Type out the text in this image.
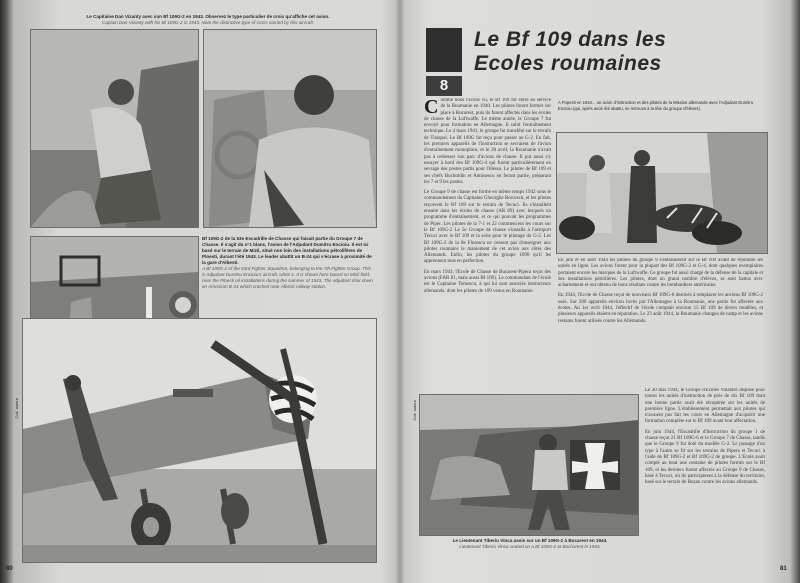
Le Capitaine Dan Vizanty avec son Bf 109G-2 en 1943. Observez le type particulier de croix qu'affiche cet avion.
Captain Dan Vizanty with his Bf 109G-2 in 1943. Note the distinctive type of cross carried by this aircraft.
Bf 109G-2 de la 53e Escadrille de Chasse qui faisait partie du Groupe 7 de Chasse. Il s'agit du n°1 blanc, l'avion de l'Adjudant Dumitru Encioiu. Il est ici basé sur le terrain de Mizil, situé non loin des installations pétrolifères de Ploesti, durant l'été 1943. Le leader abattit un B-24 qui s'écrase à proximité de la gare d'Albesti.
A Bf 109G-2 of the 53rd Fighter Squadron, belonging to the 7th Fighter Group. This is Adjudant Dumitru Encioiu's aircraft, white 1. It is shown here based on Mizil field, near the Ploesti oil installations during the summer of 1943. The adjudant shot down an American B-24 which crashed near Albesti railway station.
Coll. auteur
80
8
Le Bf 109 dans les
Ecoles roumaines
Comme nous l'avons vu, le Bf 109 fut entré au service de la Roumanie en 1940. Les pilotes furent formés sur place à Bucarest, puis ils furent affectés dans les écoles de chasse de la Luftwaffe. Le même année, le Groupe 7 fut envoyé pour formation en Allemagne. Il subit l'entraînement technique. Le 4 mars 1941, le groupe fut transféré sur le terrain de Tiraspol. Le Bf 109G fut reçu pour passer au G-2. En fait, les premiers appareils de l'instruction se servaient de l'avion d'entraînement monoplace, et le 30 avril, la Roumanie n'avait pas à redresser son parc d'avions de chasse. Il put aussi s'y essayer à bord des Bf 109G-4 qui furent particulièrement en sevrage des postes partis pour Odessa. Le pilotes de Bf 109 et ses chefs Bucholdin et Antonescu en feront partie, préparant les 7 et 9 les postes.

Le Groupe 9 de chasse est formé en même temps 1942 sous le commandement du Capitaine Gheorghe Borcescu, et les pilotes reçoivent le Bf 109 sur le terrain de Tecuci. Ils s'installent ensuite dans les écoles de chasse (AR 89) avec lesquels un programme d'entraînement, et ce qui pouvait les programmes de Piper. Les pilotes de la 7-1 et 22 commencent les cours sur le Bf 109G-2 Le 5e Groupe de chasse s'installa à l'aéroport Tecuci avec le Bf 109 et la série pour le pilotage du G-2. Les Bf 109G-2 de la 8e Florescu ne cessent pas d'enseigner aux pilotes roumains le maniement de cet avion aux côtés des Allemands. Enfin, les pilotes du groupe 1090 qu'il les apprennent tous en perfection.

En mars 1943, l'Ecole de Chasse de Bucarest-Pipera reçut des avions (FAR 81, mais aussi Bf 109). Le commandant de l'école est le Capitaine Tomescu, à qui lui sont associés instructeurs allemands, dont les pilotes de 109 venus en Roumanie.

A Popesti en 1944... un avion d'instruction et des pilotes de la Mission allemande avec l'Adjudant Dumitru Encioiu (qui, après avoir été abattu, se retrouva à la tête du groupe d'élèves).

En juin et en août 1944 les pilotes du groupe 9 s'entraînèrent sur le Bf 109 avant de rejoindre les unités en ligne. Les avions furent pour la plupart des Bf 109G-2 et G-4, dont quelques exemplaires portaient encore les marques de la Luftwaffe. Ce groupe fut aussi chargé de la défense de la capitale et des installations pétrolières. Les pilotes, dont un grand nombre d'élèves, se sont battus avec acharnement et ont obtenu de bons résultats contre les bombardiers américains.

En 1944, l'Ecole de Chasse reçut de nouveaux Bf 109G-6 destinés à remplacer les anciens Bf 109G-2 usés. Sur 200 appareils environ livrés par l'Allemagne à la Roumanie, une partie fut affectée aux écoles. Au 1er avril 1944, l'effectif de l'école comptait environ 15 Bf 109 de divers modèles, et plusieurs appareils étaient en réparation. Le 23 août 1944, la Roumanie changea de camp et les avions restants furent utilisés contre les Allemands.

Le 20 mai 1944, le Groupe d'Ecoles Volantes dispose pour toutes les unités d'instruction de près de dix Bf 109 dont une bonne partie avait été récupérée sur les unités de première ligne. L'établissement permettait aux pilotes qui n'avaient pas fait les cours en Allemagne d'acquérir une formation complète sur le Bf 109 avant leur affectation.

En juin 1944, l'Escadrille d'Instruction du groupe 1 de chasse reçut 21 Bf 109G-6 et le Groupe 7 de Chasse, tandis que le Groupe 9 fut doté du modèle G-2. Le passage d'un type à l'autre se fit sur les terrains de Pipera et Tecuci à l'aide de Bf 109G-2 et Bf 109G-2 de groupe. L'Ecole avait compté au total une centaine de pilotes formés sur le Bf 109, et les derniers furent affectés au Groupe 9 de Chasse, basé à Tecuci, où ils participèrent à la défense du territoire, basé sur le terrain de Buzau contre les avions allemands.

Le Lieutenant Tiberiu Vinca assis sur un Bf 109G-2 à Bucarest en 1944.
Lieutenant Tiberiu Vinca seated on a Bf 109G-2 at Bucharest in 1944.
Coll. auteur
81
